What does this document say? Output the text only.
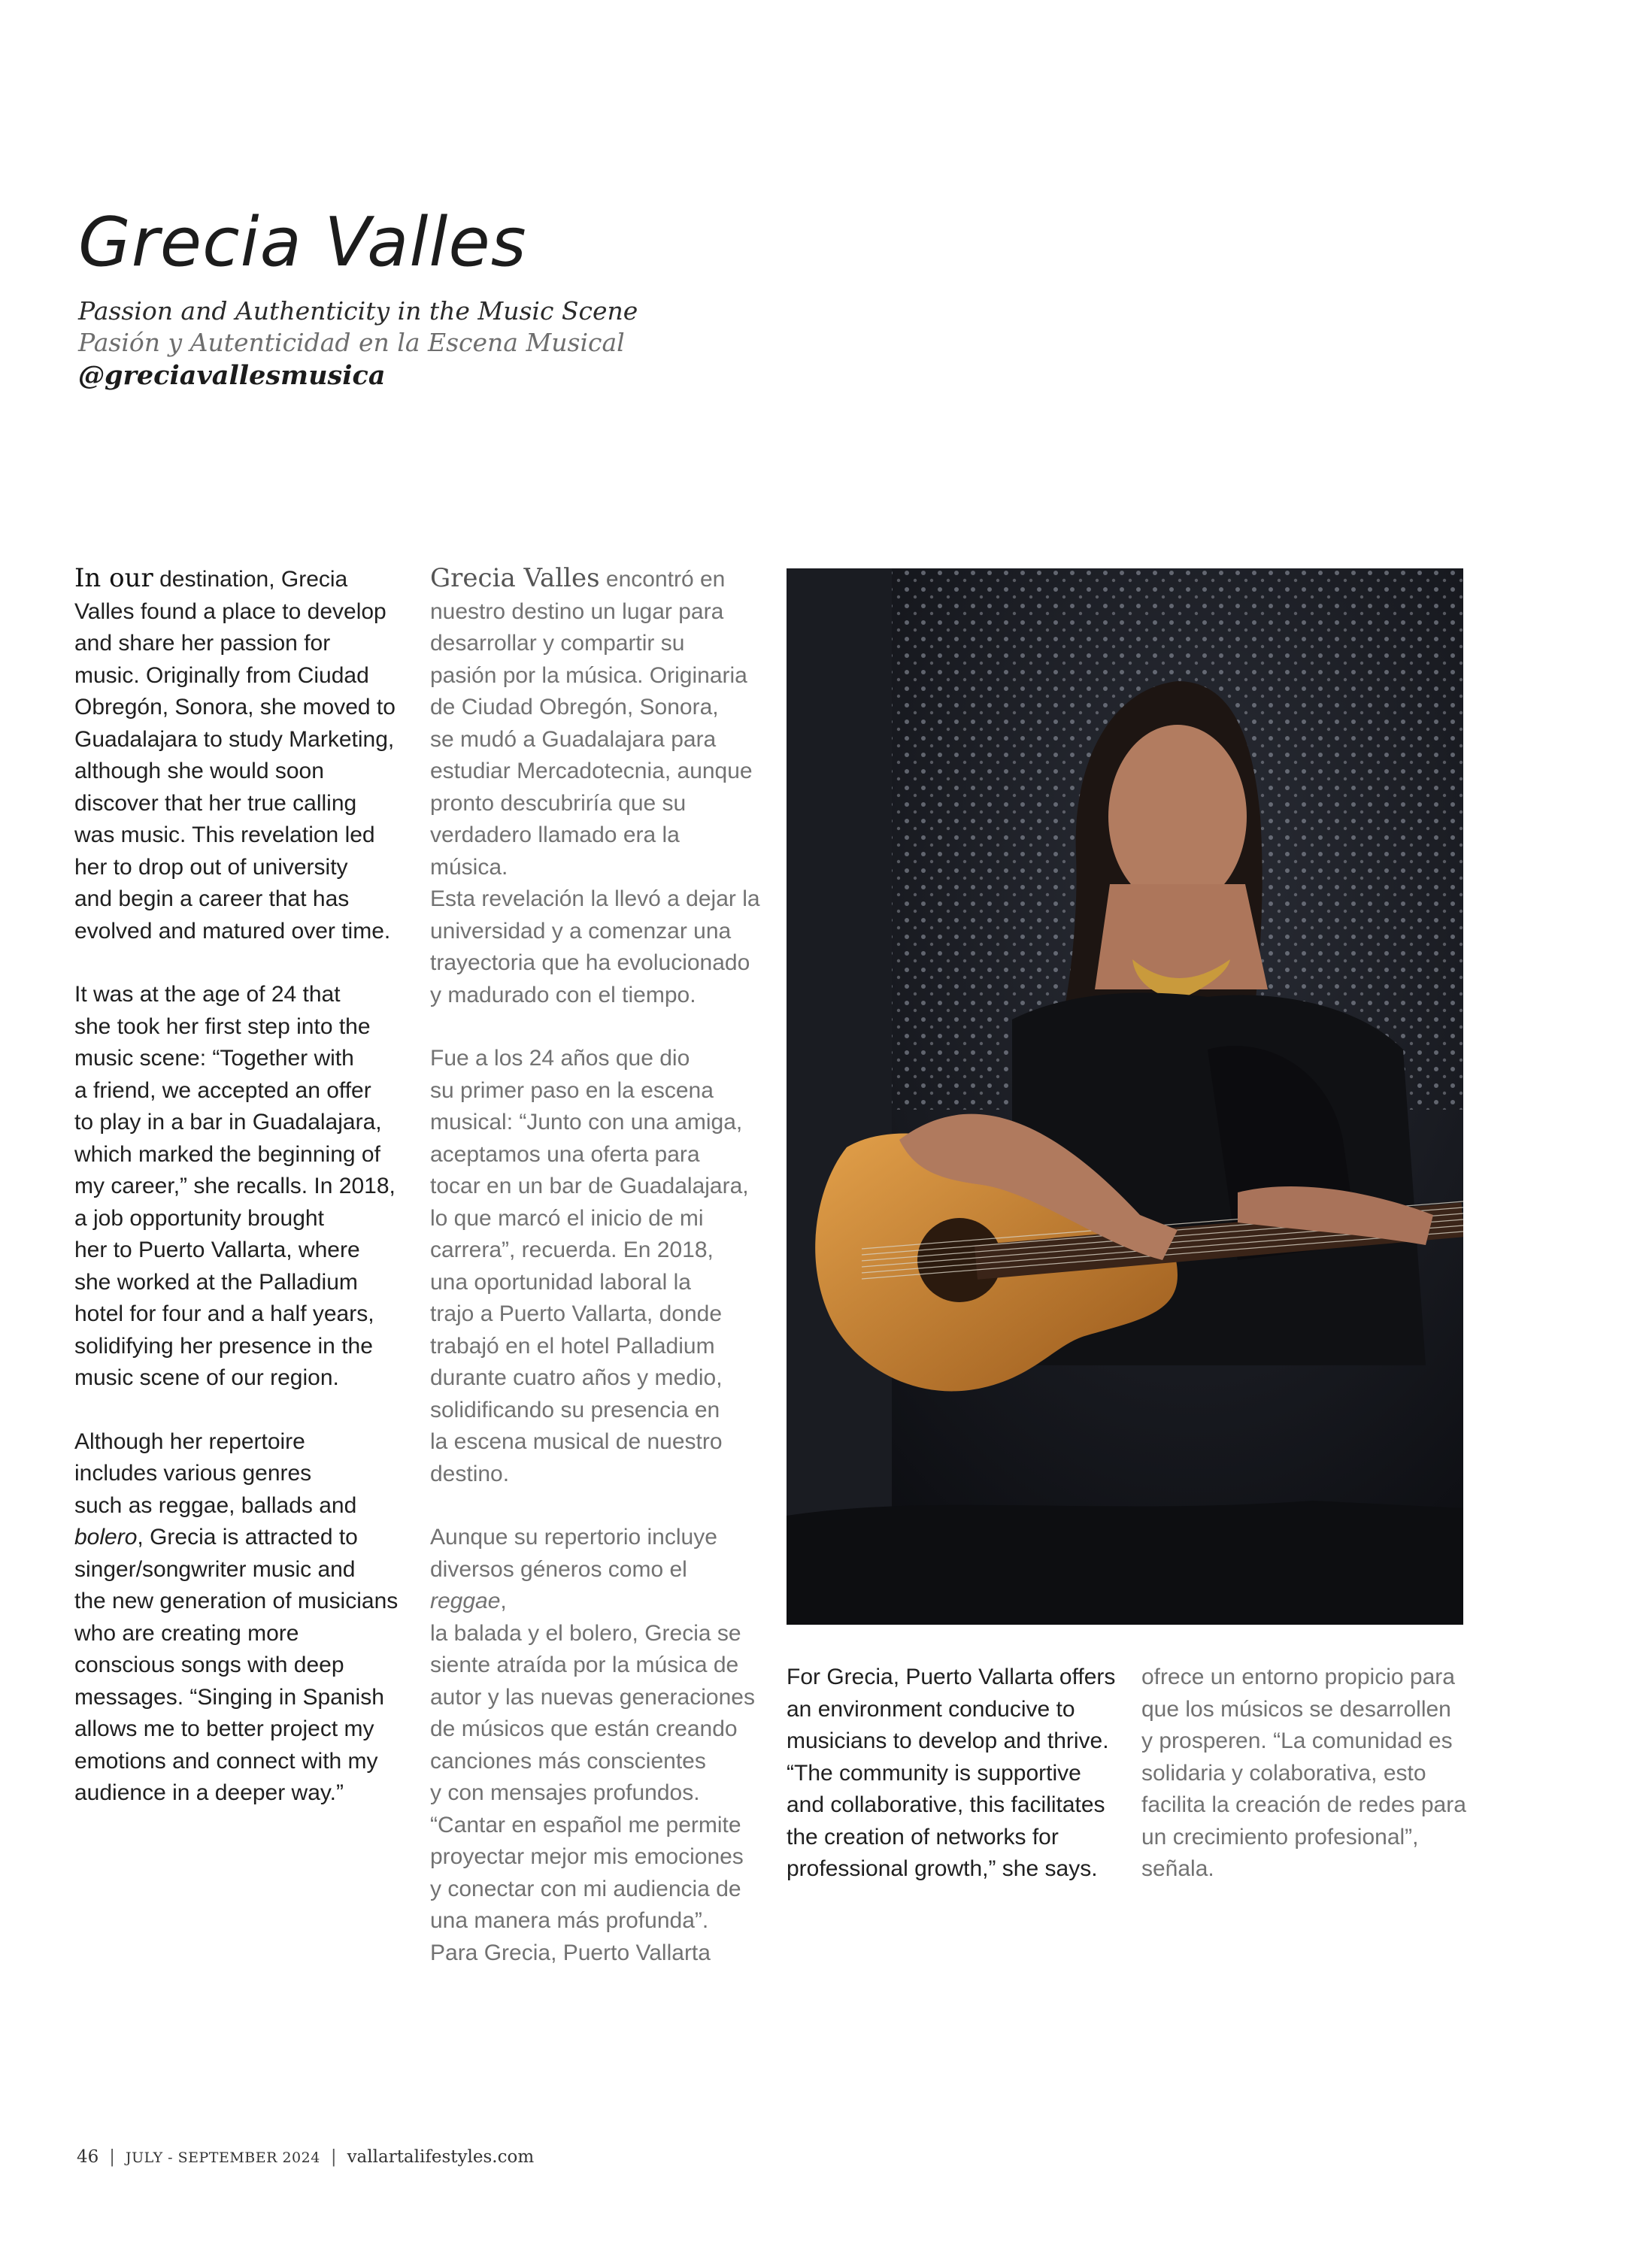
Grecia Valles

Passion and Authenticity in the Music Scene

Pasión y Autenticidad en la Escena Musical

@greciavallesmusica

In our destination, Grecia
Valles found a place to develop
and share her passion for
music. Originally from Ciudad
Obregón, Sonora, she moved to
Guadalajara to study Marketing,
although she would soon
discover that her true calling
was music. This revelation led
her to drop out of university
and begin a career that has
evolved and matured over time.

It was at the age of 24 that
she took her first step into the
music scene: “Together with
a friend, we accepted an offer
to play in a bar in Guadalajara,
which marked the beginning of
my career,” she recalls. In 2018,
a job opportunity brought
her to Puerto Vallarta, where
she worked at the Palladium
hotel for four and a half years,
solidifying her presence in the
music scene of our region.

Although her repertoire
includes various genres
such as reggae, ballads and
bolero, Grecia is attracted to
singer/songwriter music and
the new generation of musicians
who are creating more
conscious songs with deep
messages. “Singing in Spanish
allows me to better project my
emotions and connect with my
audience in a deeper way.”

Grecia Valles encontró en
nuestro destino un lugar para
desarrollar y compartir su
pasión por la música. Originaria
de Ciudad Obregón, Sonora,
se mudó a Guadalajara para
estudiar Mercadotecnia, aunque
pronto descubriría que su
verdadero llamado era la música.
Esta revelación la llevó a dejar la
universidad y a comenzar una
trayectoria que ha evolucionado
y madurado con el tiempo.

Fue a los 24 años que dio
su primer paso en la escena
musical: “Junto con una amiga,
aceptamos una oferta para
tocar en un bar de Guadalajara,
lo que marcó el inicio de mi
carrera”, recuerda. En 2018,
una oportunidad laboral la
trajo a Puerto Vallarta, donde
trabajó en el hotel Palladium
durante cuatro años y medio,
solidificando su presencia en
la escena musical de nuestro
destino.

Aunque su repertorio incluye
diversos géneros como el reggae,
la balada y el bolero, Grecia se
siente atraída por la música de
autor y las nuevas generaciones
de músicos que están creando
canciones más conscientes
y con mensajes profundos.
“Cantar en español me permite
proyectar mejor mis emociones
y conectar con mi audiencia de
una manera más profunda”.
Para Grecia, Puerto Vallarta

For Grecia, Puerto Vallarta offers
an environment conducive to
musicians to develop and thrive.
“The community is supportive
and collaborative, this facilitates
the creation of networks for
professional growth,” she says.

ofrece un entorno propicio para
que los músicos se desarrollen
y prosperen. “La comunidad es
solidaria y colaborativa, esto
facilita la creación de redes para
un crecimiento profesional”,
señala.

46 | JULY - SEPTEMBER 2024 | vallartalifestyles.com
